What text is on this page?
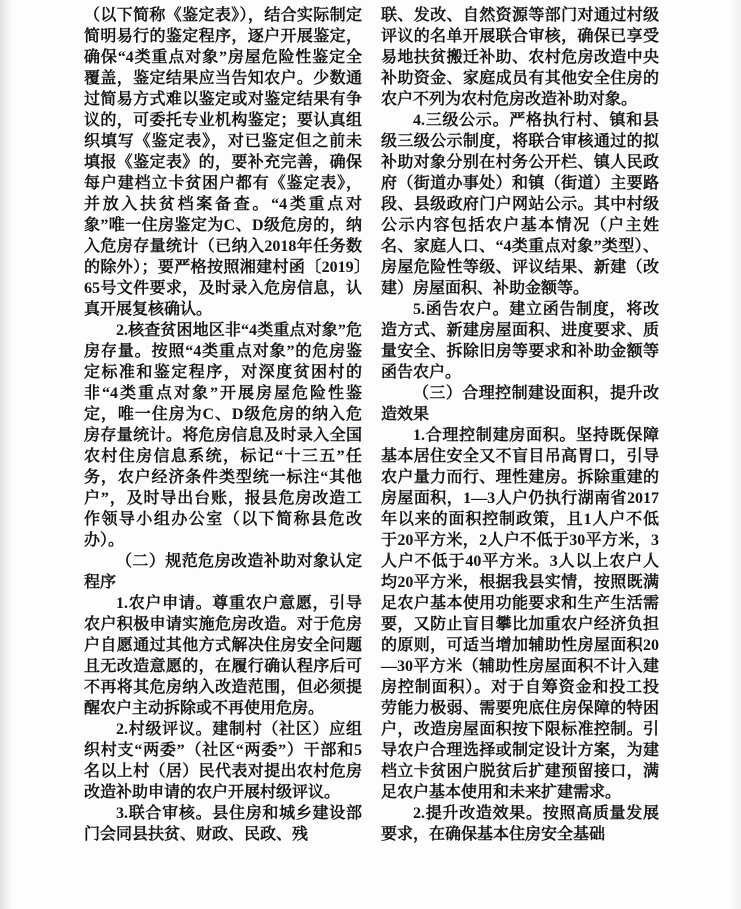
（以下简称《鉴定表》），结合实际制定简明易行的鉴定程序，逐户开展鉴定，确保“4类重点对象”房屋危险性鉴定全覆盖，鉴定结果应当告知农户。少数通过简易方式难以鉴定或对鉴定结果有争议的，可委托专业机构鉴定；要认真组织填写《鉴定表》，对已鉴定但之前未填报《鉴定表》的，要补充完善，确保每户建档立卡贫困户都有《鉴定表》，并放入扶贫档案备查。“4类重点对象”唯一住房鉴定为C、D级危房的，纳入危房存量统计（已纳入2018年任务数的除外）；要严格按照湘建村函〔2019〕65号文件要求，及时录入危房信息，认真开展复核确认。

2.核查贫困地区非“4类重点对象”危房存量。按照“4类重点对象”的危房鉴定标准和鉴定程序，对深度贫困村的非“4类重点对象”开展房屋危险性鉴定，唯一住房为C、D级危房的纳入危房存量统计。将危房信息及时录入全国农村住房信息系统，标记“十三五”任务，农户经济条件类型统一标注“其他户”，及时导出台账，报县危房改造工作领导小组办公室（以下简称县危改办）。

（二）规范危房改造补助对象认定程序

1.农户申请。尊重农户意愿，引导农户积极申请实施危房改造。对于危房户自愿通过其他方式解决住房安全问题且无改造意愿的，在履行确认程序后可不再将其危房纳入改造范围，但必须提醒农户主动拆除或不再使用危房。

2.村级评议。建制村（社区）应组织村支“两委”（社区“两委”）干部和5名以上村（居）民代表对提出农村危房改造补助申请的农户开展村级评议。

3.联合审核。县住房和城乡建设部门会同县扶贫、财政、民政、残

联、发改、自然资源等部门对通过村级评议的名单开展联合审核，确保已享受易地扶贫搬迁补助、农村危房改造中央补助资金、家庭成员有其他安全住房的农户不列为农村危房改造补助对象。

4.三级公示。严格执行村、镇和县级三级公示制度，将联合审核通过的拟补助对象分别在村务公开栏、镇人民政府（街道办事处）和镇（街道）主要路段、县级政府门户网站公示。其中村级公示内容包括农户基本情况（户主姓名、家庭人口、“4类重点对象”类型）、房屋危险性等级、评议结果、新建（改建）房屋面积、补助金额等。

5.函告农户。建立函告制度，将改造方式、新建房屋面积、进度要求、质量安全、拆除旧房等要求和补助金额等函告农户。

（三）合理控制建设面积，提升改造效果

1.合理控制建房面积。坚持既保障基本居住安全又不盲目吊高胃口，引导农户量力而行、理性建房。拆除重建的房屋面积，1—3人户仍执行湖南省2017年以来的面积控制政策，且1人户不低于20平方米，2人户不低于30平方米，3人户不低于40平方米。3人以上农户人均20平方米，根据我县实情，按照既满足农户基本使用功能要求和生产生活需要，又防止盲目攀比加重农户经济负担的原则，可适当增加辅助性房屋面积20—30平方米（辅助性房屋面积不计入建房控制面积）。对于自筹资金和投工投劳能力极弱、需要兜底住房保障的特困户，改造房屋面积按下限标准控制。引导农户合理选择或制定设计方案，为建档立卡贫困户脱贫后扩建预留接口，满足农户基本使用和未来扩建需求。

2.提升改造效果。按照高质量发展要求，在确保基本住房安全基础
